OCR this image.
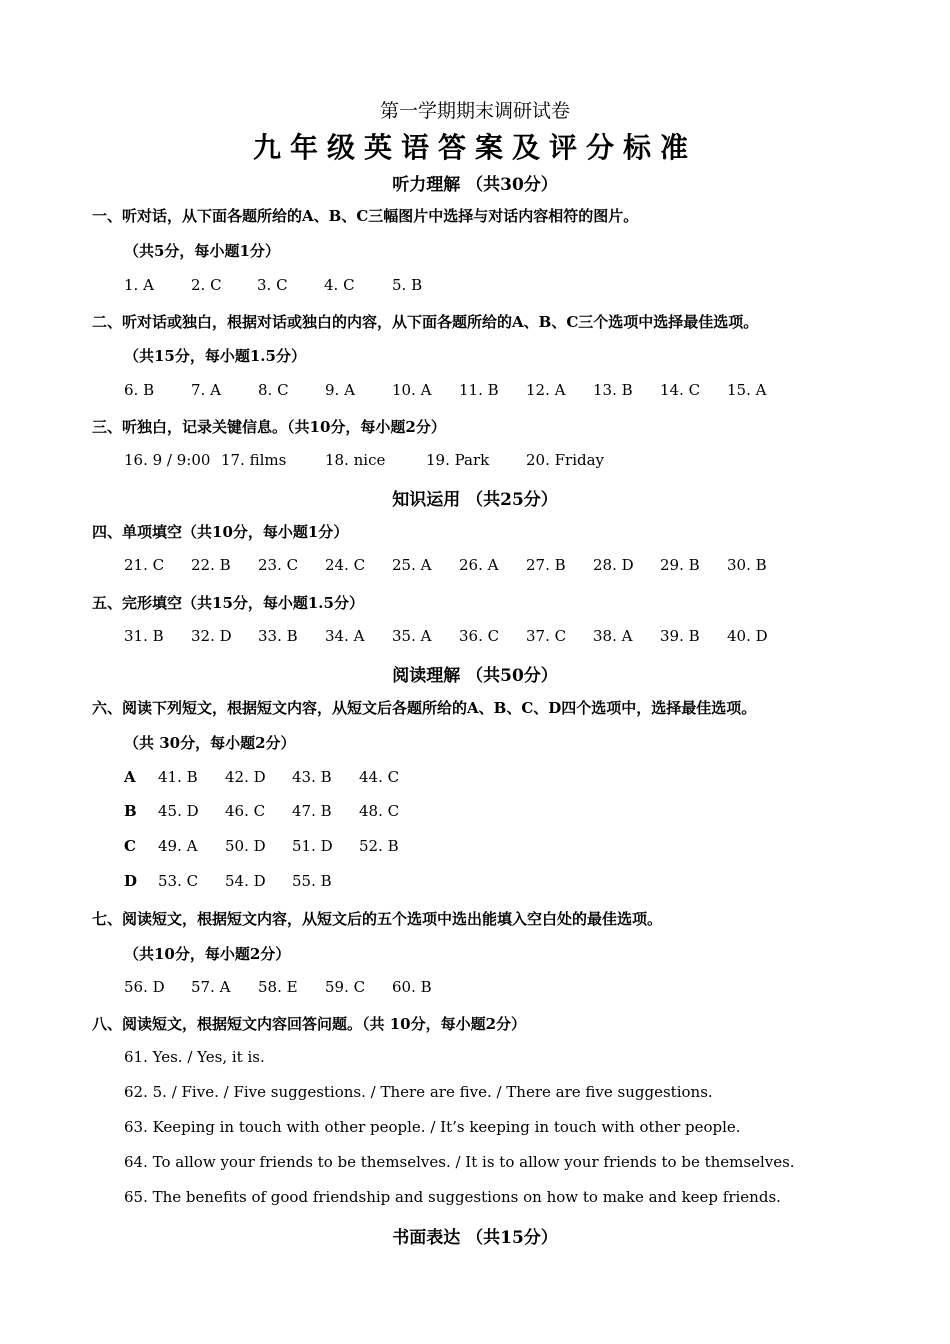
第一学期期末调研试卷
九年级英语答案及评分标准
听力理解 （共30分）
一、听对话，从下面各题所给的A、B、C三幅图片中选择与对话内容相符的图片。
（共5分，每小题1分）
1. A 2. C 3. C 4. C 5. B
二、听对话或独白，根据对话或独白的内容，从下面各题所给的A、B、C三个选项中选择最佳选项。
（共15分，每小题1.5分）
6. B 7. A 8. C 9. A 10. A 11. B 12. A 13. B 14. C 15. A
三、听独白，记录关键信息。（共10分，每小题2分）
16. 9 / 9:00 17. films	18. nice	19. Park 20. Friday
知识运用 （共25分）
四、单项填空（共10分，每小题1分）
21. C 22. B 23. C 24. C 25. A 26. A 27. B 28. D 29. B 30. B
五、完形填空（共15分，每小题1.5分）
31. B 32. D 33. B 34. A 35. A 36. C 37. C 38. A 39. B 40. D
阅读理解 （共50分）
六、阅读下列短文，根据短文内容，从短文后各题所给的A、B、C、D四个选项中，选择最佳选项。
（共 30分，每小题2分）
A 41. B 42. D 43. B 44. C
B 45. D 46. C 47. B 48. C
C 49. A 50. D 51. D 52. B
D 53. C 54. D 55. B
七、阅读短文，根据短文内容，从短文后的五个选项中选出能填入空白处的最佳选项。
（共10分，每小题2分）
56. D 57. A 58. E 59. C 60. B
八、阅读短文，根据短文内容回答问题。（共 10分，每小题2分）
61. Yes. / Yes, it is.
62. 5. / Five. / Five suggestions. / There are five. / There are five suggestions.
63. Keeping in touch with other people. / It’s keeping in touch with other people.
64. To allow your friends to be themselves. / It is to allow your friends to be themselves.
65. The benefits of good friendship and suggestions on how to make and keep friends.
书面表达 （共15分）
